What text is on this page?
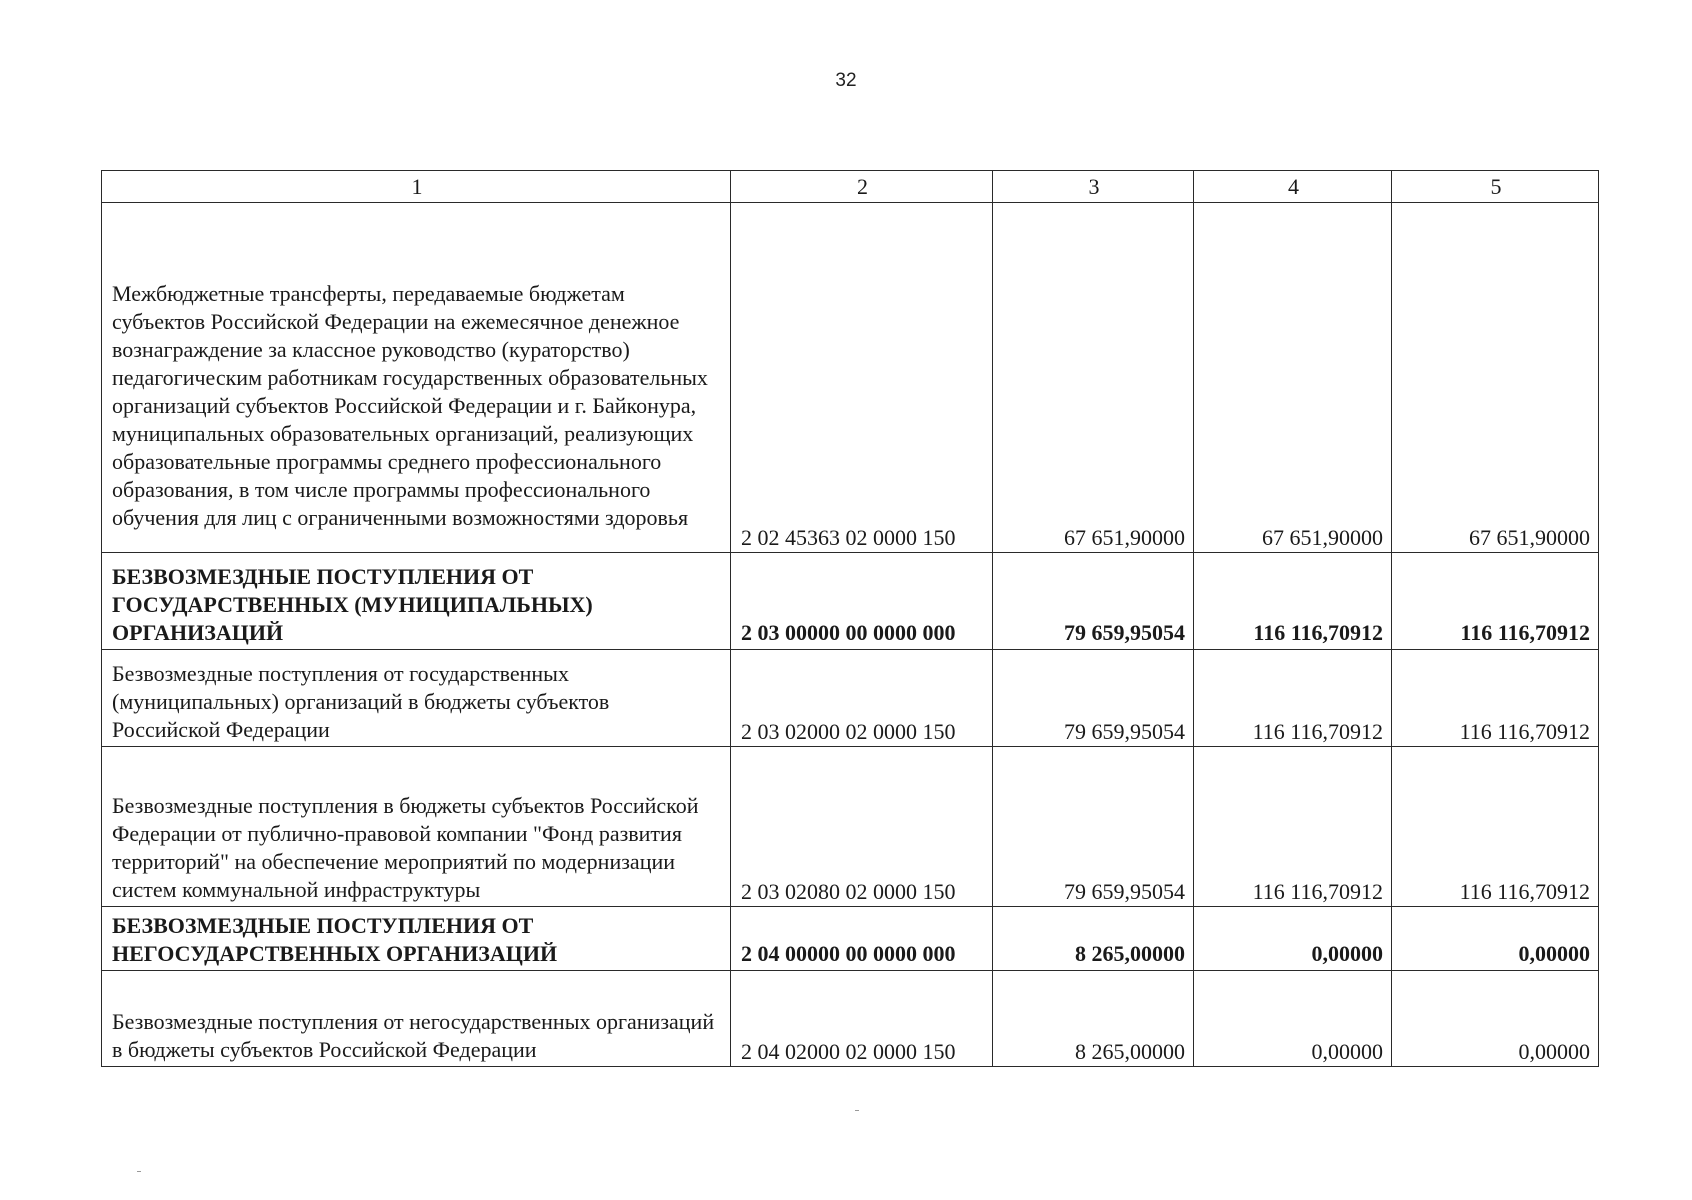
32
1	2	3	4	5
Межбюджетные трансферты, передаваемые бюджетам субъектов Российской Федерации на ежемесячное денежное вознаграждение за классное руководство (кураторство) педагогическим работникам государственных образовательных организаций субъектов Российской Федерации и г. Байконура, муниципальных образовательных организаций, реализующих образовательные программы среднего профессионального образования, в том числе программы профессионального обучения для лиц с ограниченными возможностями здоровья	2 02 45363 02 0000 150	67 651,90000	67 651,90000	67 651,90000
БЕЗВОЗМЕЗДНЫЕ ПОСТУПЛЕНИЯ ОТ ГОСУДАРСТВЕННЫХ (МУНИЦИПАЛЬНЫХ) ОРГАНИЗАЦИЙ	2 03 00000 00 0000 000	79 659,95054	116 116,70912	116 116,70912
Безвозмездные поступления от государственных (муниципальных) организаций в бюджеты субъектов Российской Федерации	2 03 02000 02 0000 150	79 659,95054	116 116,70912	116 116,70912
Безвозмездные поступления в бюджеты субъектов Российской Федерации от публично-правовой компании "Фонд развития территорий" на обеспечение мероприятий по модернизации систем коммунальной инфраструктуры	2 03 02080 02 0000 150	79 659,95054	116 116,70912	116 116,70912
БЕЗВОЗМЕЗДНЫЕ ПОСТУПЛЕНИЯ ОТ НЕГОСУДАРСТВЕННЫХ ОРГАНИЗАЦИЙ	2 04 00000 00 0000 000	8 265,00000	0,00000	0,00000
Безвозмездные поступления от негосударственных организаций в бюджеты субъектов Российской Федерации	2 04 02000 02 0000 150	8 265,00000	0,00000	0,00000
